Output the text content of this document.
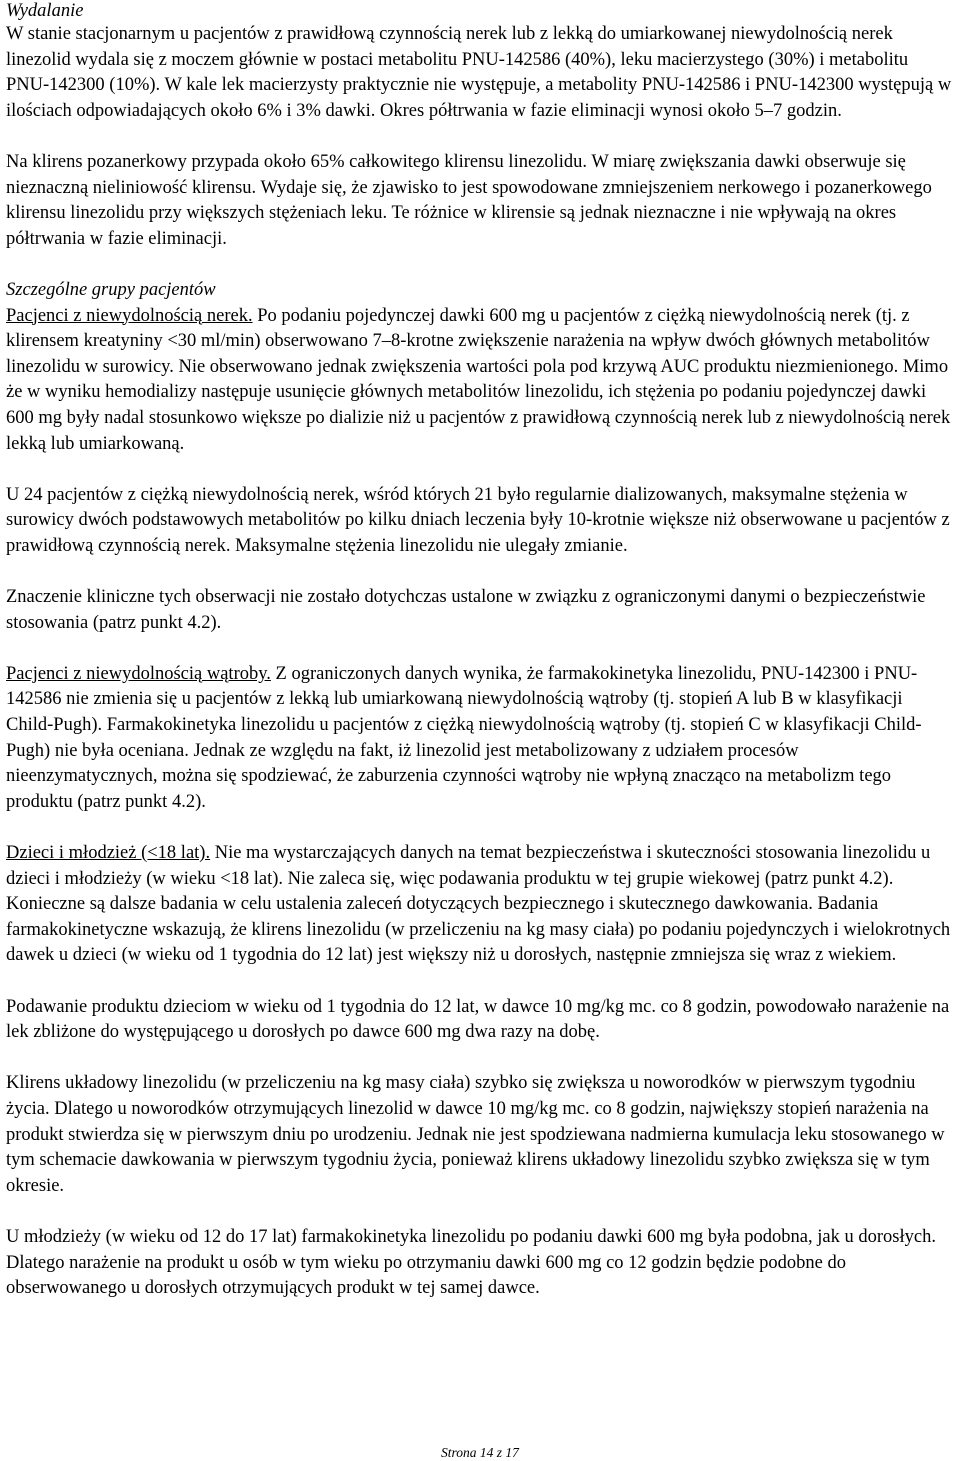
Wydalanie

W stanie stacjonarnym u pacjentów z prawidłową czynnością nerek lub z lekką do umiarkowanej niewydolnością nerek linezolid wydala się z moczem głównie w postaci metabolitu PNU-142586 (40%), leku macierzystego (30%) i metabolitu PNU-142300 (10%). W kale lek macierzysty praktycznie nie występuje, a metabolity PNU-142586 i PNU-142300 występują w ilościach odpowiadających około 6% i 3% dawki. Okres półtrwania w fazie eliminacji wynosi około 5–7 godzin.

Na klirens pozanerkowy przypada około 65% całkowitego klirensu linezolidu. W miarę zwiększania dawki obserwuje się nieznaczną nieliniowość klirensu. Wydaje się, że zjawisko to jest spowodowane zmniejszeniem nerkowego i pozanerkowego klirensu linezolidu przy większych stężeniach leku. Te różnice w klirensie są jednak nieznaczne i nie wpływają na okres półtrwania w fazie eliminacji.

Szczególne grupy pacjentów

Pacjenci z niewydolnością nerek. Po podaniu pojedynczej dawki 600 mg u pacjentów z ciężką niewydolnością nerek (tj. z klirensem kreatyniny <30 ml/min) obserwowano 7–8-krotne zwiększenie narażenia na wpływ dwóch głównych metabolitów linezolidu w surowicy. Nie obserwowano jednak zwiększenia wartości pola pod krzywą AUC produktu niezmienionego. Mimo że w wyniku hemodializy następuje usunięcie głównych metabolitów linezolidu, ich stężenia po podaniu pojedynczej dawki 600 mg były nadal stosunkowo większe po dializie niż u pacjentów z prawidłową czynnością nerek lub z niewydolnością nerek lekką lub umiarkowaną.

U 24 pacjentów z ciężką niewydolnością nerek, wśród których 21 było regularnie dializowanych, maksymalne stężenia w surowicy dwóch podstawowych metabolitów po kilku dniach leczenia były 10-krotnie większe niż obserwowane u pacjentów z prawidłową czynnością nerek. Maksymalne stężenia linezolidu nie ulegały zmianie.

Znaczenie kliniczne tych obserwacji nie zostało dotychczas ustalone w związku z ograniczonymi danymi o bezpieczeństwie stosowania (patrz punkt 4.2).

Pacjenci z niewydolnością wątroby. Z ograniczonych danych wynika, że farmakokinetyka linezolidu, PNU-142300 i PNU-142586 nie zmienia się u pacjentów z lekką lub umiarkowaną niewydolnością wątroby (tj. stopień A lub B w klasyfikacji Child-Pugh). Farmakokinetyka linezolidu u pacjentów z ciężką niewydolnością wątroby (tj. stopień C w klasyfikacji Child-Pugh) nie była oceniana. Jednak ze względu na fakt, iż linezolid jest metabolizowany z udziałem procesów nieenzymatycznych, można się spodziewać, że zaburzenia czynności wątroby nie wpłyną znacząco na metabolizm tego produktu (patrz punkt 4.2).

Dzieci i młodzież (<18 lat). Nie ma wystarczających danych na temat bezpieczeństwa i skuteczności stosowania linezolidu u dzieci i młodzieży (w wieku <18 lat). Nie zaleca się, więc podawania produktu w tej grupie wiekowej (patrz punkt 4.2). Konieczne są dalsze badania w celu ustalenia zaleceń dotyczących bezpiecznego i skutecznego dawkowania. Badania farmakokinetyczne wskazują, że klirens linezolidu (w przeliczeniu na kg masy ciała) po podaniu pojedynczych i wielokrotnych dawek u dzieci (w wieku od 1 tygodnia do 12 lat) jest większy niż u dorosłych, następnie zmniejsza się wraz z wiekiem.

Podawanie produktu dzieciom w wieku od 1 tygodnia do 12 lat, w dawce 10 mg/kg mc. co 8 godzin, powodowało narażenie na lek zbliżone do występującego u dorosłych po dawce 600 mg dwa razy na dobę.

Klirens układowy linezolidu (w przeliczeniu na kg masy ciała) szybko się zwiększa u noworodków w pierwszym tygodniu życia. Dlatego u noworodków otrzymujących linezolid w dawce 10 mg/kg mc. co 8 godzin, największy stopień narażenia na produkt stwierdza się w pierwszym dniu po urodzeniu. Jednak nie jest spodziewana nadmierna kumulacja leku stosowanego w tym schemacie dawkowania w pierwszym tygodniu życia, ponieważ klirens układowy linezolidu szybko zwiększa się w tym okresie.

U młodzieży (w wieku od 12 do 17 lat) farmakokinetyka linezolidu po podaniu dawki 600 mg była podobna, jak u dorosłych. Dlatego narażenie na produkt u osób w tym wieku po otrzymaniu dawki 600 mg co 12 godzin będzie podobne do obserwowanego u dorosłych otrzymujących produkt w tej samej dawce.

Strona 14 z 17
